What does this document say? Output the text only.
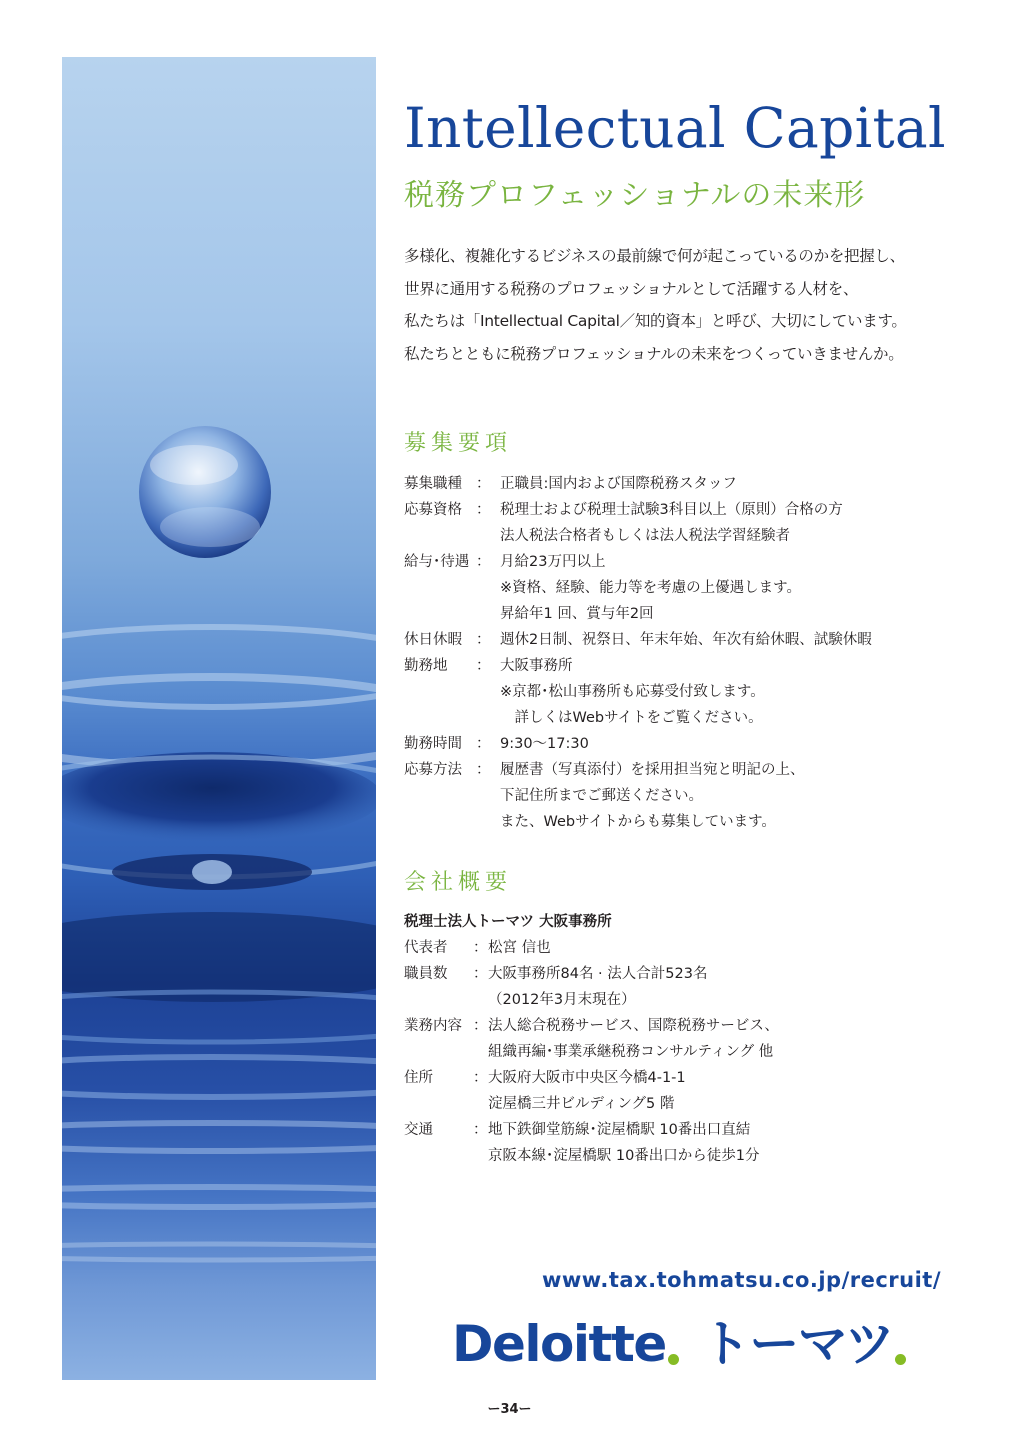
Intellectual Capital
税務プロフェッショナルの未来形

多様化、複雑化するビジネスの最前線で何が起こっているのかを把握し、

世界に通用する税務のプロフェッショナルとして活躍する人材を、

私たちは「Intellectual Capital／知的資本」と呼び、大切にしています。

私たちとともに税務プロフェッショナルの未来をつくっていきませんか。

募集要項
募集職種 ： 正職員:国内および国際税務スタッフ
応募資格 ： 税理士および税理士試験3科目以上（原則）合格の方
法人税法合格者もしくは法人税法学習経験者
給与･待遇 ： 月給23万円以上
※資格、経験、能力等を考慮の上優遇します。
昇給年1 回、賞与年2回
休日休暇 ： 週休2日制、祝祭日、年末年始、年次有給休暇、試験休暇
勤務地 ： 大阪事務所
※京都･松山事務所も応募受付致します。
　詳しくはWebサイトをご覧ください。
勤務時間 ： 9:30～17:30
応募方法 ： 履歴書（写真添付）を採用担当宛と明記の上、
下記住所までご郵送ください。
また、Webサイトからも募集しています。
会社概要
税理士法人トーマツ 大阪事務所
代表者 ： 松宮 信也
職員数 ： 大阪事務所84名 · 法人合計523名
（2012年3月末現在）
業務内容 ： 法人総合税務サービス、国際税務サービス、
組織再編･事業承継税務コンサルティング 他
住所	： 大阪府大阪市中央区今橋4-1-1
淀屋橋三井ビルディング5 階
交通	： 地下鉄御堂筋線･淀屋橋駅 10番出口直結
京阪本線･淀屋橋駅 10番出口から徒歩1分
www.tax.tohmatsu.co.jp/recruit/
Deloitte トーマツ
ー34ー
